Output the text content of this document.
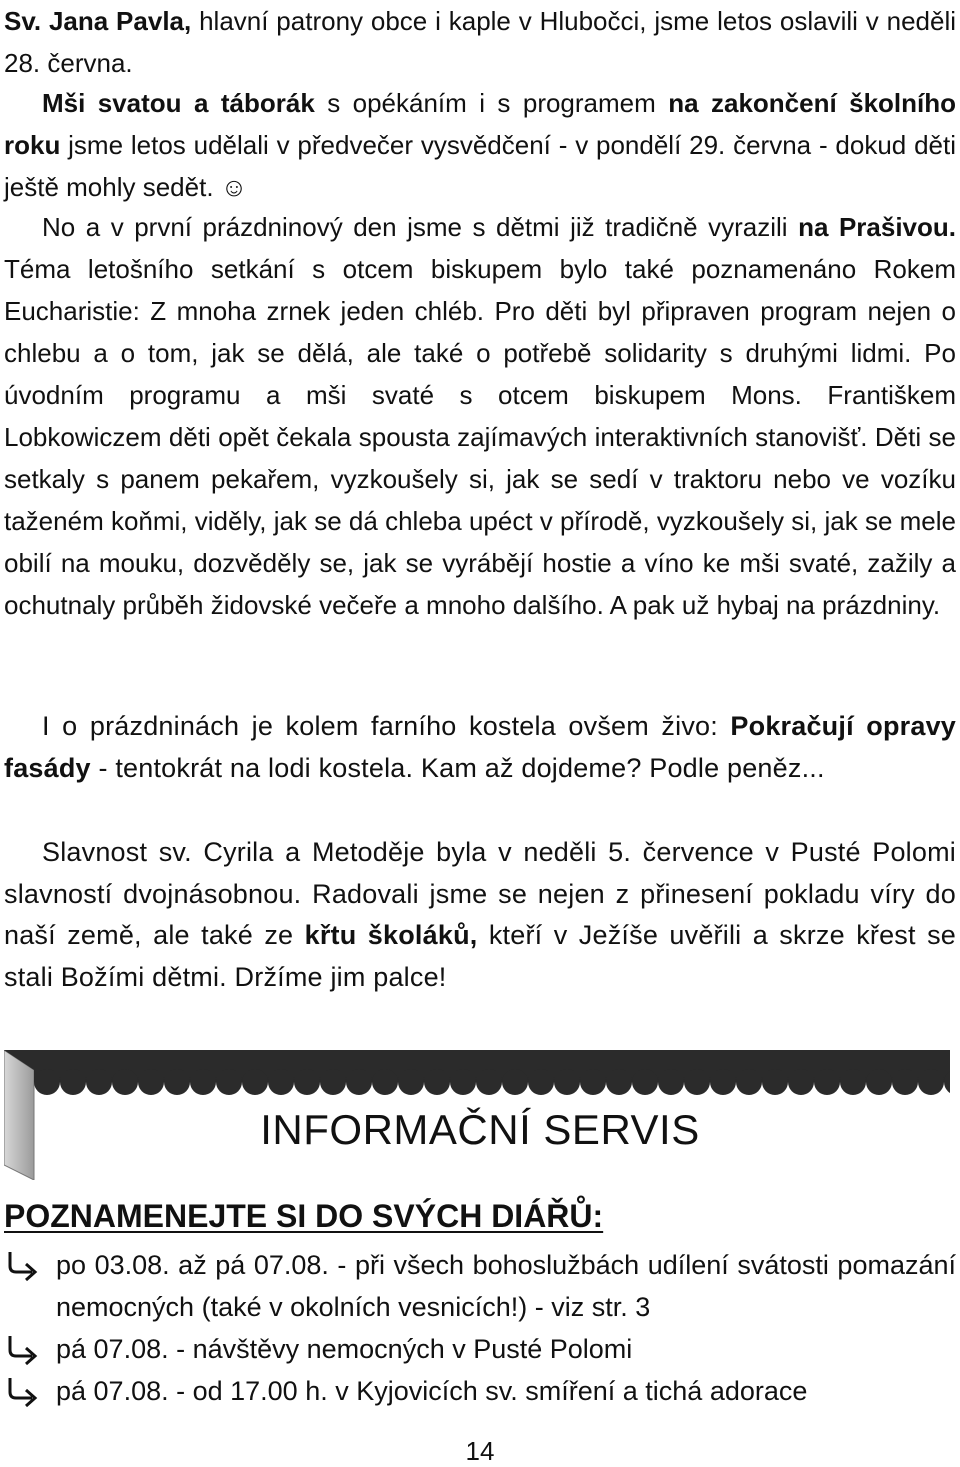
Sv. Jana Pavla, hlavní patrony obce i kaple v Hlubočci, jsme letos oslavili v neděli 28. června.

Mši svatou a táborák s opékáním i s programem na zakončení školního roku jsme letos udělali v předvečer vysvědčení - v pondělí 29. června - dokud děti ještě mohly sedět. ☺

No a v první prázdninový den jsme s dětmi již tradičně vyrazili na Prašivou. Téma letošního setkání s otcem biskupem bylo také poznamenáno Rokem Eucharistie: Z mnoha zrnek jeden chléb. Pro děti byl připraven program nejen o chlebu a o tom, jak se dělá, ale také o potřebě solidarity s druhými lidmi. Po úvodním programu a mši svaté s otcem biskupem Mons. Františkem Lobkowiczem děti opět čekala spousta zajímavých interaktivních stanovišť. Děti se setkaly s panem pekařem, vyzkoušely si, jak se sedí v traktoru nebo ve vozíku taženém koňmi, viděly, jak se dá chleba upéct v přírodě, vyzkoušely si, jak se mele obilí na mouku, dozvěděly se, jak se vyrábějí hostie a víno ke mši svaté, zažily a ochutnaly průběh židovské večeře a mnoho dalšího. A pak už hybaj na prázdniny.

I o prázdninách je kolem farního kostela ovšem živo: Pokračují opravy fasády - tentokrát na lodi kostela. Kam až dojdeme? Podle peněz...

Slavnost sv. Cyrila a Metoděje byla v neděli 5. července v Pusté Polomi slavností dvojnásobnou. Radovali jsme se nejen z přinesení pokladu víry do naší země, ale také ze křtu školáků, kteří v Ježíše uvěřili a skrze křest se stali Božími dětmi. Držíme jim palce!

INFORMAČNÍ SERVIS
POZNAMENEJTE SI DO SVÝCH DIÁŘŮ:
po 03.08. až pá 07.08. - při všech bohoslužbách udílení svátosti pomazání nemocných (také v okolních vesnicích!) - viz str. 3
pá 07.08. - návštěvy nemocných v Pusté Polomi
pá 07.08. - od 17.00 h. v Kyjovicích sv. smíření a tichá adorace
14
